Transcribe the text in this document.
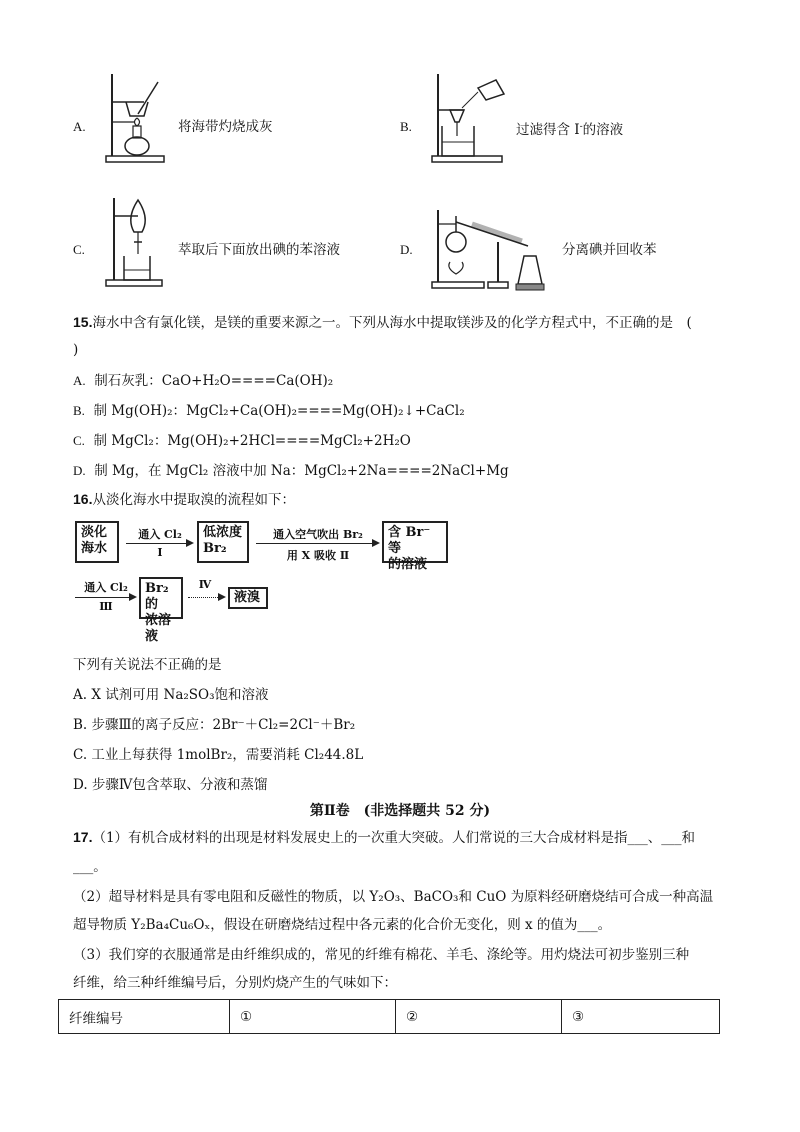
A.	将海带灼烧成灰	B.	过滤得含 I-的溶液
C.	萃取后下面放出碘的苯溶液	D.	分离碘并回收苯
15.海水中含有氯化镁，是镁的重要来源之一。下列从海水中提取镁涉及的化学方程式中，不正确的是　(
)
A. 制石灰乳：CaO+H₂O====Ca(OH)₂
B. 制 Mg(OH)₂：MgCl₂+Ca(OH)₂====Mg(OH)₂↓+CaCl₂
C. 制 MgCl₂：Mg(OH)₂+2HCl====MgCl₂+2H₂O
D. 制 Mg，在 MgCl₂ 溶液中加 Na：MgCl₂+2Na====2NaCl+Mg
16.从淡化海水中提取溴的流程如下：
淡化
海水
通入 Cl₂
Ⅰ
低浓度
Br₂
通入空气吹出 Br₂
用 X 吸收 Ⅱ
含 Br⁻ 等
的溶液
通入 Cl₂
Ⅲ
Br₂ 的
浓溶液
Ⅳ
液溴
下列有关说法不正确的是
A. X 试剂可用 Na₂SO₃饱和溶液
B. 步骤Ⅲ的离子反应：2Br⁻＋Cl₂=2Cl⁻＋Br₂
C. 工业上每获得 1molBr₂，需要消耗 Cl₂44.8L
D. 步骤Ⅳ包含萃取、分液和蒸馏
第Ⅱ卷　(非选择题共 52 分)
17.（1）有机合成材料的出现是材料发展史上的一次重大突破。人们常说的三大合成材料是指___、___和
___。
（2）超导材料是具有零电阻和反磁性的物质，以 Y₂O₃、BaCO₃和 CuO 为原料经研磨烧结可合成一种高温
超导物质 Y₂Ba₄Cu₆Oₓ，假设在研磨烧结过程中各元素的化合价无变化，则 x 的值为___。
（3）我们穿的衣服通常是由纤维织成的，常见的纤维有棉花、羊毛、涤纶等。用灼烧法可初步鉴别三种
纤维，给三种纤维编号后，分别灼烧产生的气味如下：
纤维编号	①	②	③
